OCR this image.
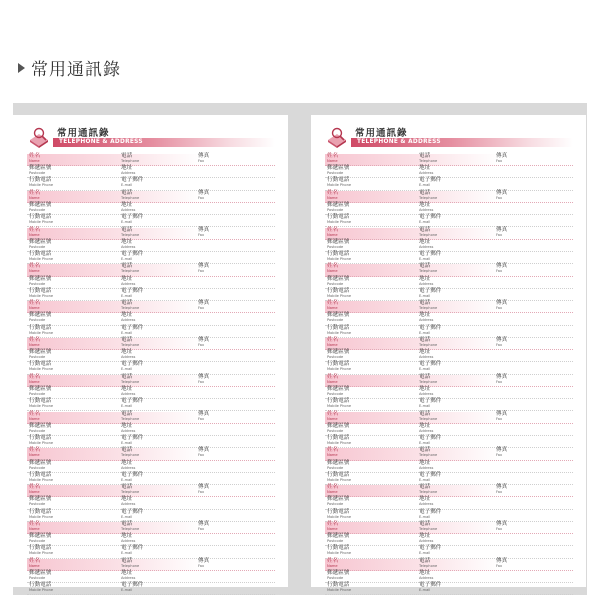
常用通訊錄
常用通訊錄
TELEPHONE & ADDRESS
姓名
Name
電話
Telephone
傳真
Fax
郵遞區號
Postcode
地址
Address
行動電話
Mobile Phone
電子郵件
E-mail
姓名
Name
電話
Telephone
傳真
Fax
郵遞區號
Postcode
地址
Address
行動電話
Mobile Phone
電子郵件
E-mail
姓名
Name
電話
Telephone
傳真
Fax
郵遞區號
Postcode
地址
Address
行動電話
Mobile Phone
電子郵件
E-mail
姓名
Name
電話
Telephone
傳真
Fax
郵遞區號
Postcode
地址
Address
行動電話
Mobile Phone
電子郵件
E-mail
姓名
Name
電話
Telephone
傳真
Fax
郵遞區號
Postcode
地址
Address
行動電話
Mobile Phone
電子郵件
E-mail
姓名
Name
電話
Telephone
傳真
Fax
郵遞區號
Postcode
地址
Address
行動電話
Mobile Phone
電子郵件
E-mail
姓名
Name
電話
Telephone
傳真
Fax
郵遞區號
Postcode
地址
Address
行動電話
Mobile Phone
電子郵件
E-mail
姓名
Name
電話
Telephone
傳真
Fax
郵遞區號
Postcode
地址
Address
行動電話
Mobile Phone
電子郵件
E-mail
姓名
Name
電話
Telephone
傳真
Fax
郵遞區號
Postcode
地址
Address
行動電話
Mobile Phone
電子郵件
E-mail
姓名
Name
電話
Telephone
傳真
Fax
郵遞區號
Postcode
地址
Address
行動電話
Mobile Phone
電子郵件
E-mail
姓名
Name
電話
Telephone
傳真
Fax
郵遞區號
Postcode
地址
Address
行動電話
Mobile Phone
電子郵件
E-mail
姓名
Name
電話
Telephone
傳真
Fax
郵遞區號
Postcode
地址
Address
行動電話
Mobile Phone
電子郵件
E-mail
常用通訊錄
TELEPHONE & ADDRESS
姓名
Name
電話
Telephone
傳真
Fax
郵遞區號
Postcode
地址
Address
行動電話
Mobile Phone
電子郵件
E-mail
姓名
Name
電話
Telephone
傳真
Fax
郵遞區號
Postcode
地址
Address
行動電話
Mobile Phone
電子郵件
E-mail
姓名
Name
電話
Telephone
傳真
Fax
郵遞區號
Postcode
地址
Address
行動電話
Mobile Phone
電子郵件
E-mail
姓名
Name
電話
Telephone
傳真
Fax
郵遞區號
Postcode
地址
Address
行動電話
Mobile Phone
電子郵件
E-mail
姓名
Name
電話
Telephone
傳真
Fax
郵遞區號
Postcode
地址
Address
行動電話
Mobile Phone
電子郵件
E-mail
姓名
Name
電話
Telephone
傳真
Fax
郵遞區號
Postcode
地址
Address
行動電話
Mobile Phone
電子郵件
E-mail
姓名
Name
電話
Telephone
傳真
Fax
郵遞區號
Postcode
地址
Address
行動電話
Mobile Phone
電子郵件
E-mail
姓名
Name
電話
Telephone
傳真
Fax
郵遞區號
Postcode
地址
Address
行動電話
Mobile Phone
電子郵件
E-mail
姓名
Name
電話
Telephone
傳真
Fax
郵遞區號
Postcode
地址
Address
行動電話
Mobile Phone
電子郵件
E-mail
姓名
Name
電話
Telephone
傳真
Fax
郵遞區號
Postcode
地址
Address
行動電話
Mobile Phone
電子郵件
E-mail
姓名
Name
電話
Telephone
傳真
Fax
郵遞區號
Postcode
地址
Address
行動電話
Mobile Phone
電子郵件
E-mail
姓名
Name
電話
Telephone
傳真
Fax
郵遞區號
Postcode
地址
Address
行動電話
Mobile Phone
電子郵件
E-mail
